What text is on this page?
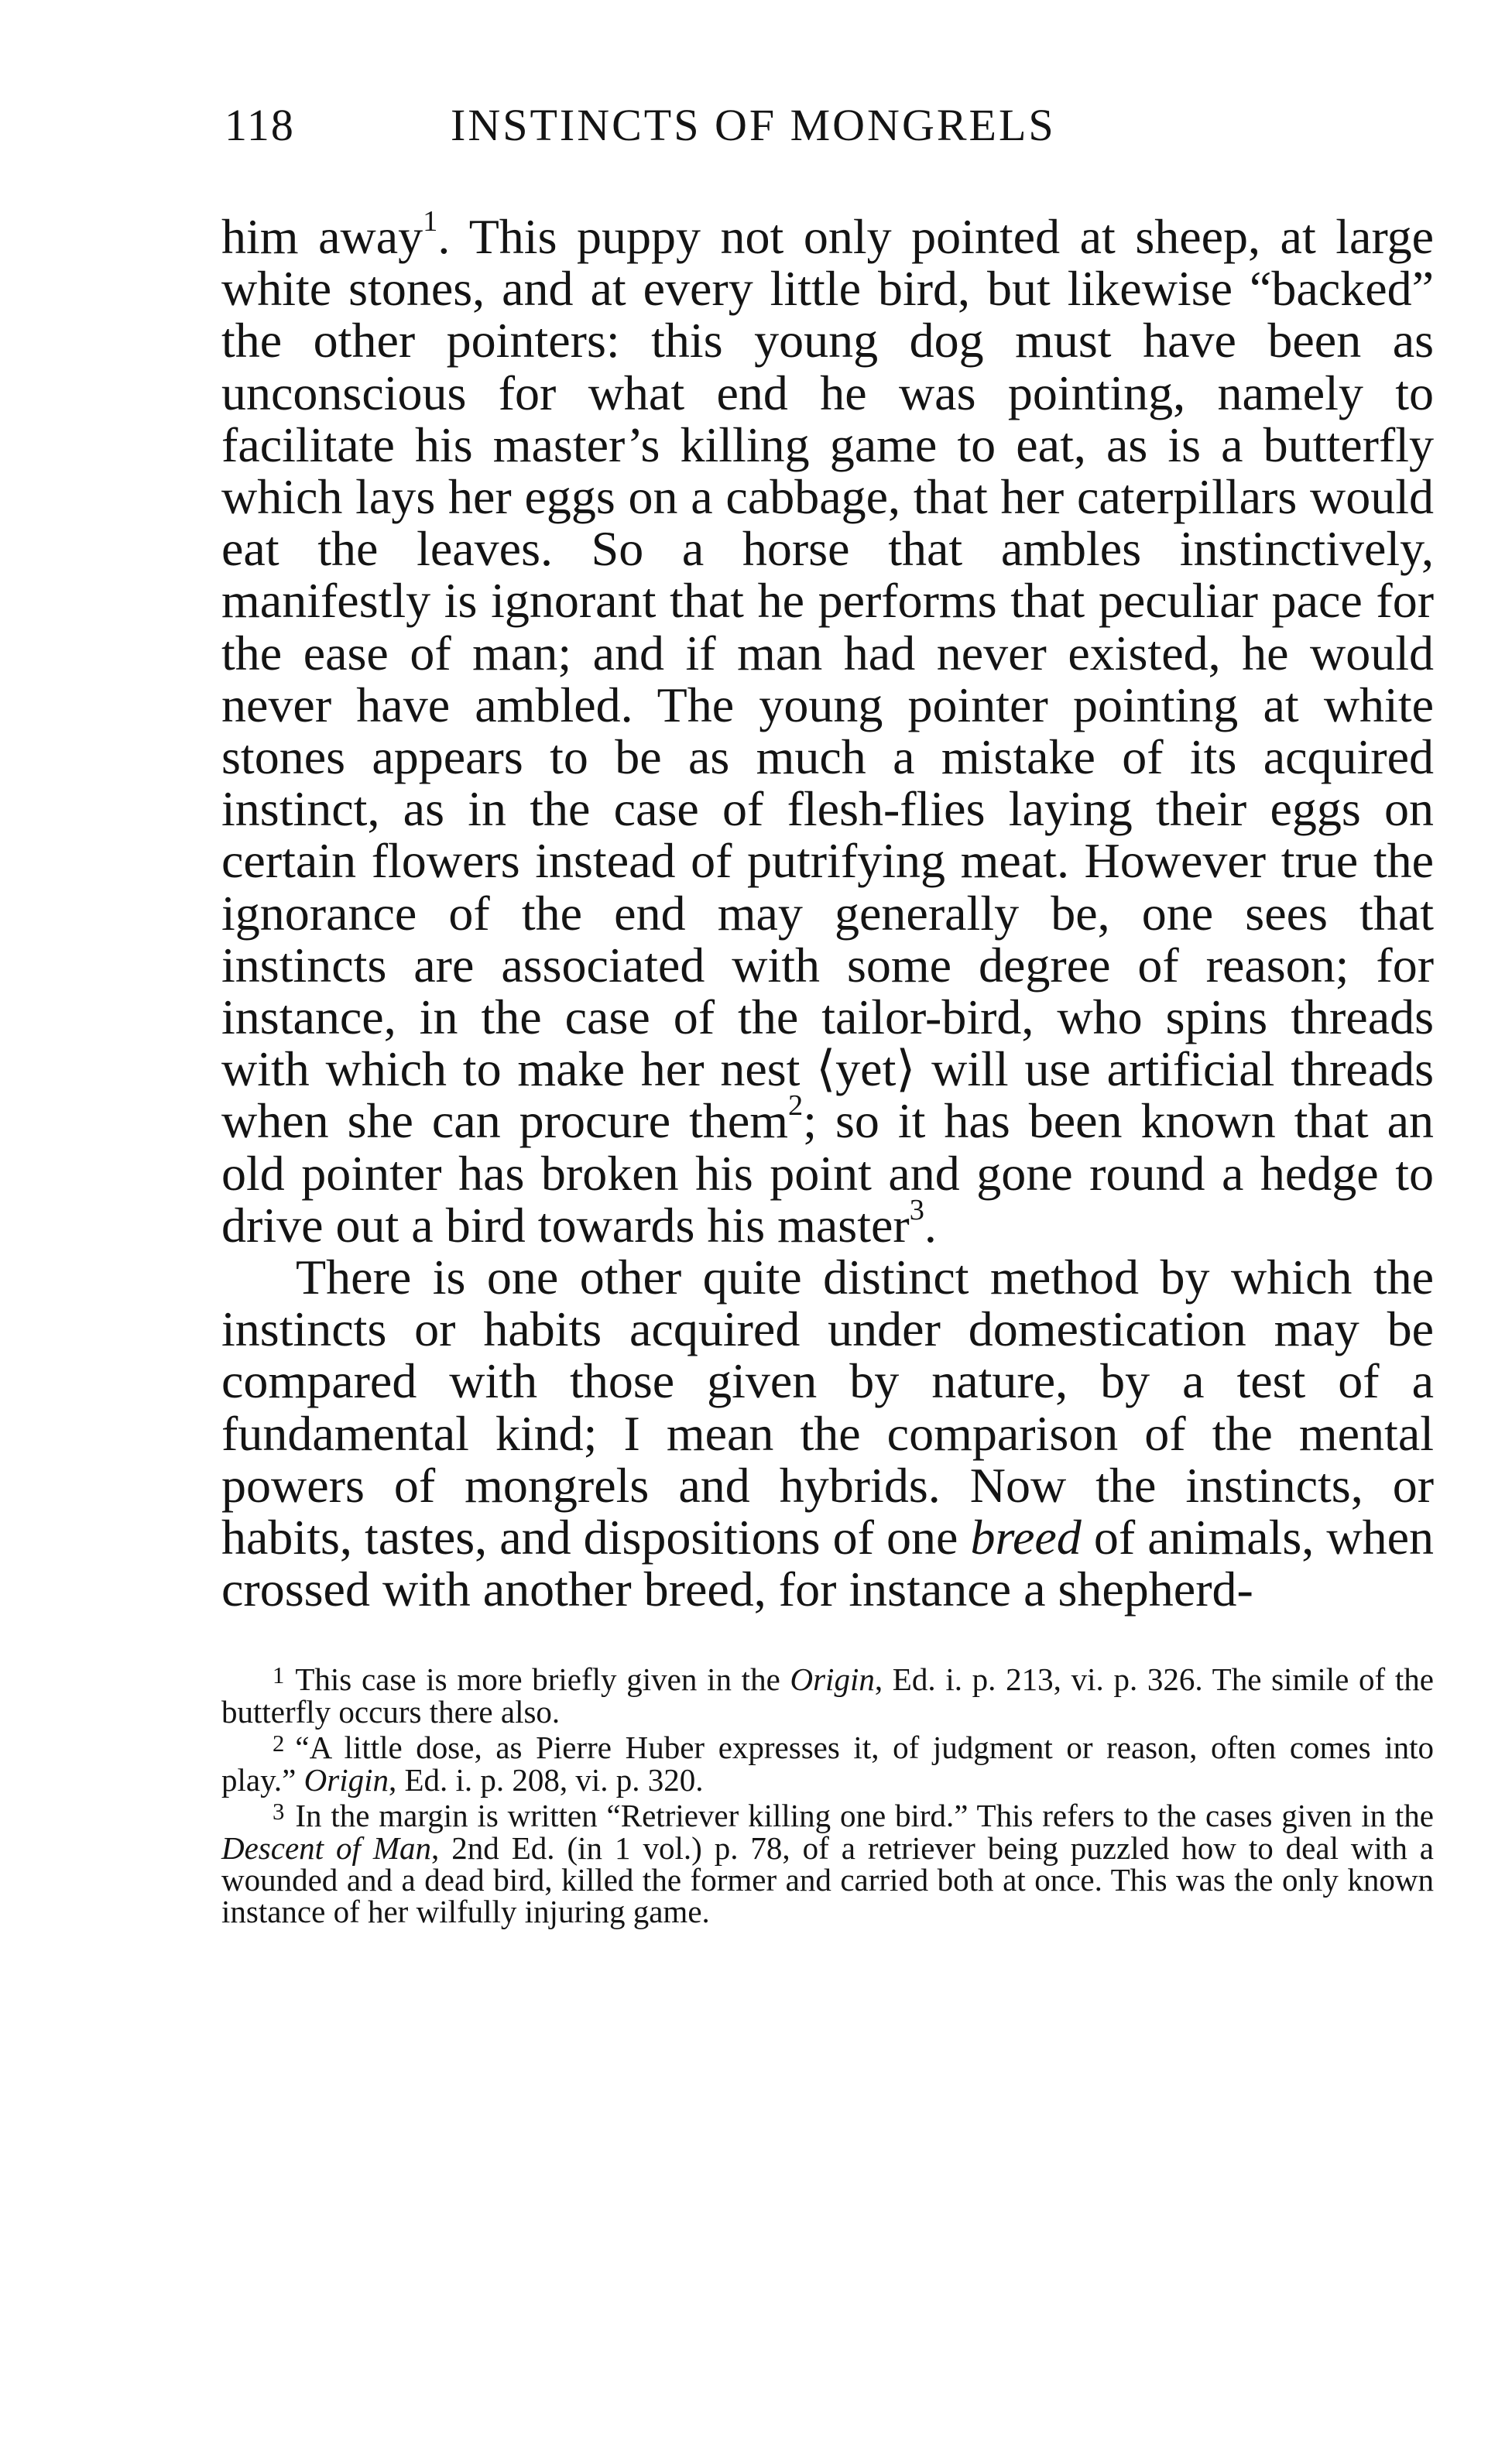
118	INSTINCTS OF MONGRELS

him away$^1$. This puppy not only pointed at sheep, at large white stones, and at every little bird, but likewise “backed” the other pointers: this young dog must have been as unconscious for what end he was pointing, namely to facilitate his master’s killing game to eat, as is a butterfly which lays her eggs on a cabbage, that her caterpillars would eat the leaves. So a horse that ambles instinctively, manifestly is ignorant that he performs that peculiar pace for the ease of man; and if man had never existed, he would never have ambled. The young pointer pointing at white stones appears to be as much a mistake of its acquired instinct, as in the case of flesh-flies laying their eggs on certain flowers instead of putrifying meat. However true the ignorance of the end may generally be, one sees that instincts are associated with some degree of reason; for instance, in the case of the tailor-bird, who spins threads with which to make her nest ⟨yet⟩ will use artificial threads when she can procure them$^2$; so it has been known that an old pointer has broken his point and gone round a hedge to drive out a bird towards his master$^3$.

There is one other quite distinct method by which the instincts or habits acquired under domestication may be compared with those given by nature, by a test of a fundamental kind; I mean the comparison of the mental powers of mongrels and hybrids. Now the instincts, or habits, tastes, and dispositions of one breed of animals, when crossed with another breed, for instance a shepherd-

$^1$ This case is more briefly given in the Origin, Ed. i. p. 213, vi. p. 326. The simile of the butterfly occurs there also.

$^2$ “A little dose, as Pierre Huber expresses it, of judgment or reason, often comes into play.” Origin, Ed. i. p. 208, vi. p. 320.

$^3$ In the margin is written “Retriever killing one bird.” This refers to the cases given in the Descent of Man, 2nd Ed. (in 1 vol.) p. 78, of a retriever being puzzled how to deal with a wounded and a dead bird, killed the former and carried both at once. This was the only known instance of her wilfully injuring game.
